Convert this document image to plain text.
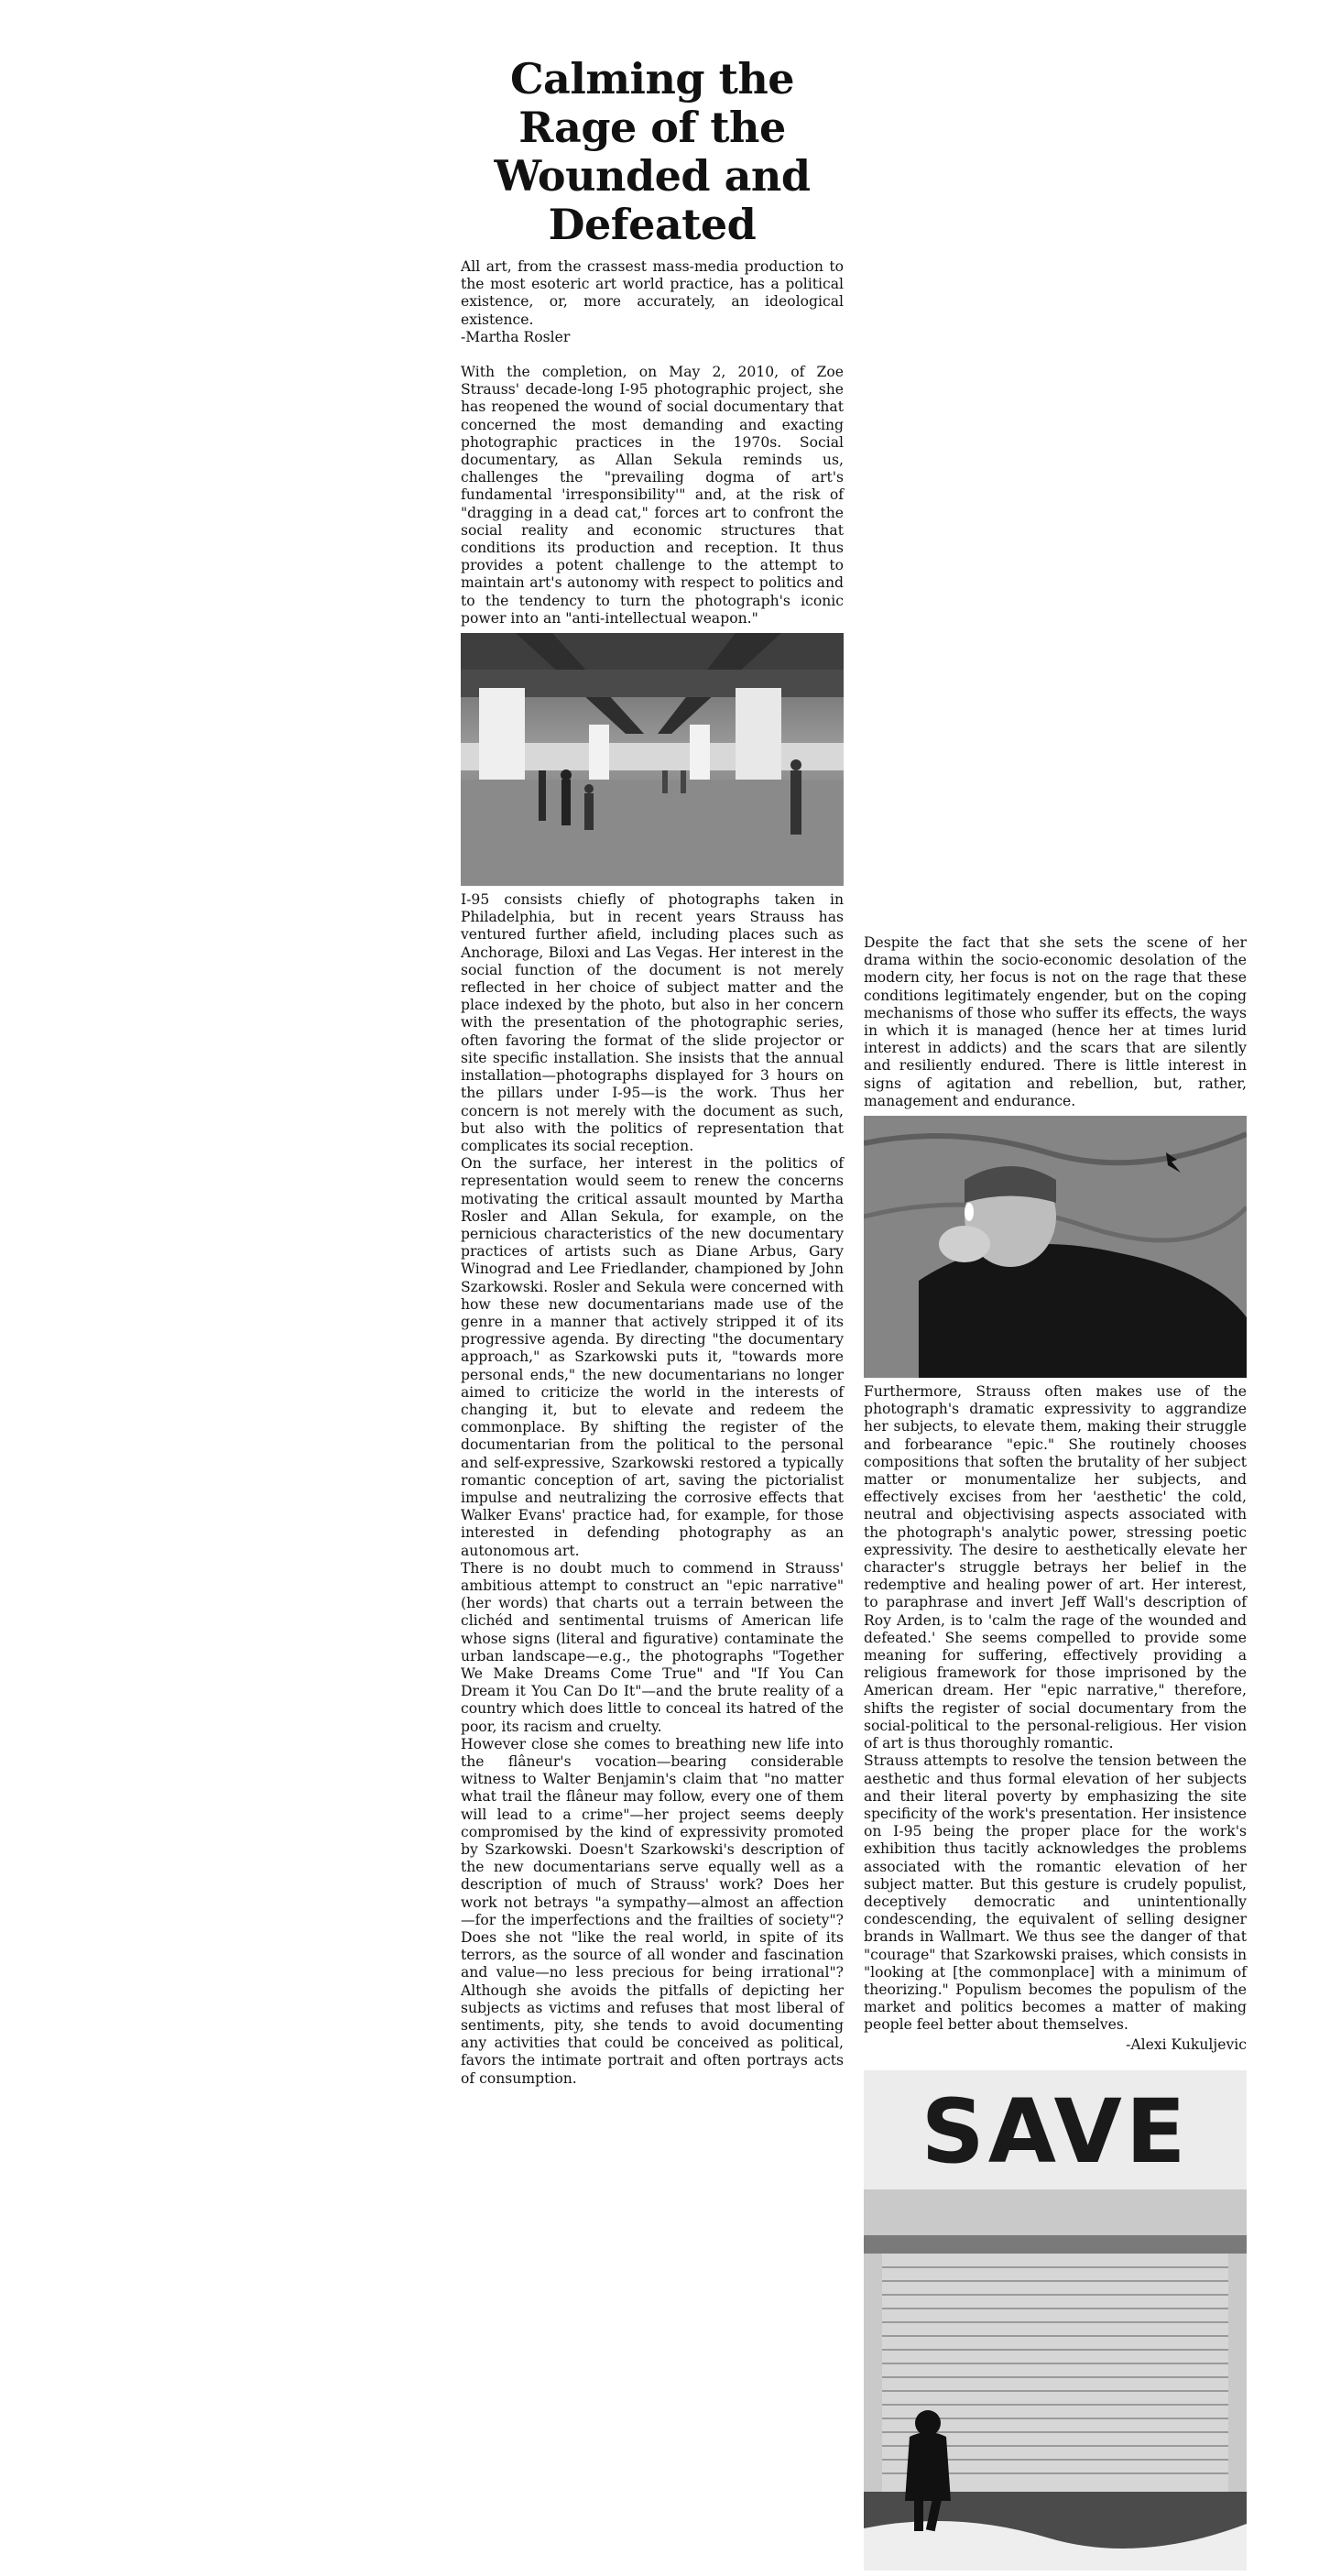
Calming the Rage of the Wounded and Defeated

All art, from the crassest mass-media production to the most esoteric art world practice, has a political existence, or, more accurately, an ideological existence.

-Martha Rosler

With the completion, on May 2, 2010, of Zoe Strauss' decade-long I-95 photographic project, she has reopened the wound of social documentary that concerned the most demanding and exacting photographic practices in the 1970s. Social documentary, as Allan Sekula reminds us, challenges the "prevailing dogma of art's fundamental 'irresponsibility'" and, at the risk of "dragging in a dead cat," forces art to confront the social reality and economic structures that conditions its production and reception. It thus provides a potent challenge to the attempt to maintain art's autonomy with respect to politics and to the tendency to turn the photograph's iconic power into an "anti-intellectual weapon."

I-95 consists chiefly of photographs taken in Philadelphia, but in recent years Strauss has ventured further afield, including places such as Anchorage, Biloxi and Las Vegas. Her interest in the social function of the document is not merely reflected in her choice of subject matter and the place indexed by the photo, but also in her concern with the presentation of the photographic series, often favoring the format of the slide projector or site specific installation. She insists that the annual installation—photographs displayed for 3 hours on the pillars under I-95—is the work. Thus her concern is not merely with the document as such, but also with the politics of representation that complicates its social reception.

On the surface, her interest in the politics of representation would seem to renew the concerns motivating the critical assault mounted by Martha Rosler and Allan Sekula, for example, on the pernicious characteristics of the new documentary practices of artists such as Diane Arbus, Gary Winograd and Lee Friedlander, championed by John Szarkowski. Rosler and Sekula were concerned with how these new documentarians made use of the genre in a manner that actively stripped it of its progressive agenda. By directing "the documentary approach," as Szarkowski puts it, "towards more personal ends," the new documentarians no longer aimed to criticize the world in the interests of changing it, but to elevate and redeem the commonplace. By shifting the register of the documentarian from the political to the personal and self-expressive, Szarkowski restored a typically romantic conception of art, saving the pictorialist impulse and neutralizing the corrosive effects that Walker Evans' practice had, for example, for those interested in defending photography as an autonomous art.

There is no doubt much to commend in Strauss' ambitious attempt to construct an "epic narrative" (her words) that charts out a terrain between the clichéd and sentimental truisms of American life whose signs (literal and figurative) contaminate the urban landscape—e.g., the photographs "Together We Make Dreams Come True" and "If You Can Dream it You Can Do It"—and the brute reality of a country which does little to conceal its hatred of the poor, its racism and cruelty.

However close she comes to breathing new life into the flâneur's vocation—bearing considerable witness to Walter Benjamin's claim that "no matter what trail the flâneur may follow, every one of them will lead to a crime"—her project seems deeply compromised by the kind of expressivity promoted by Szarkowski. Doesn't Szarkowski's description of the new documentarians serve equally well as a description of much of Strauss' work? Does her work not betrays "a sympathy—almost an affection—for the imperfections and the frailties of society"? Does she not "like the real world, in spite of its terrors, as the source of all wonder and fascination and value—no less precious for being irrational"? Although she avoids the pitfalls of depicting her subjects as victims and refuses that most liberal of sentiments, pity, she tends to avoid documenting any activities that could be conceived as political, favors the intimate portrait and often portrays acts of consumption.

Despite the fact that she sets the scene of her drama within the socio-economic desolation of the modern city, her focus is not on the rage that these conditions legitimately engender, but on the coping mechanisms of those who suffer its effects, the ways in which it is managed (hence her at times lurid interest in addicts) and the scars that are silently and resiliently endured. There is little interest in signs of agitation and rebellion, but, rather, management and endurance.

Furthermore, Strauss often makes use of the photograph's dramatic expressivity to aggrandize her subjects, to elevate them, making their struggle and forbearance "epic." She routinely chooses compositions that soften the brutality of her subject matter or monumentalize her subjects, and effectively excises from her 'aesthetic' the cold, neutral and objectivising aspects associated with the photograph's analytic power, stressing poetic expressivity. The desire to aesthetically elevate her character's struggle betrays her belief in the redemptive and healing power of art. Her interest, to paraphrase and invert Jeff Wall's description of Roy Arden, is to 'calm the rage of the wounded and defeated.' She seems compelled to provide some meaning for suffering, effectively providing a religious framework for those imprisoned by the American dream. Her "epic narrative," therefore, shifts the register of social documentary from the social-political to the personal-religious. Her vision of art is thus thoroughly romantic.

Strauss attempts to resolve the tension between the aesthetic and thus formal elevation of her subjects and their literal poverty by emphasizing the site specificity of the work's presentation. Her insistence on I-95 being the proper place for the work's exhibition thus tacitly acknowledges the problems associated with the romantic elevation of her subject matter. But this gesture is crudely populist, deceptively democratic and unintentionally condescending, the equivalent of selling designer brands in Wallmart. We thus see the danger of that "courage" that Szarkowski praises, which consists in "looking at [the commonplace] with a minimum of theorizing." Populism becomes the populism of the market and politics becomes a matter of making people feel better about themselves.

-Alexi Kukuljevic

SAVE
